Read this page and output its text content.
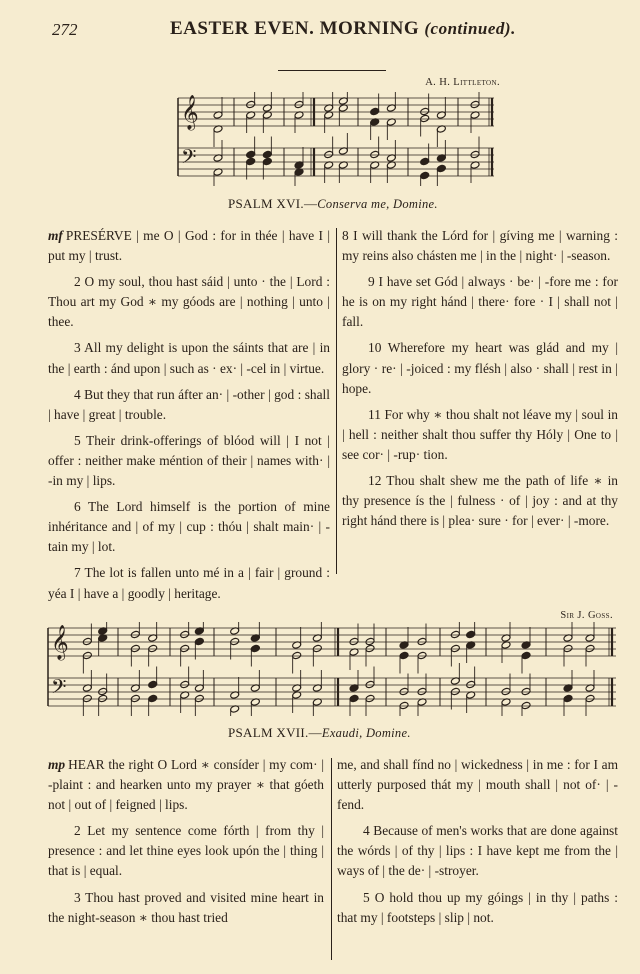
272	EASTER EVEN. MORNING (continued).
A. H. Littleton.
𝄞
𝄢
PSALM XVI.—Conserva me, Domine.

mf PRESÉRVE | me O | God : for in thée | have I | put my | trust.

2 O my soul, thou hast sáid | unto · the | Lord : Thou art my God ∗ my góods are | nothing | unto | thee.

3 All my delight is upon the sáints that are | in the | earth : ánd upon | such as · ex· | -cel in | virtue.

4 But they that run áfter an· | -other | god : shall | have | great | trouble.

5 Their drink-offerings of blóod will | I not | offer : neither make méntion of their | names with· | -in my | lips.

6 The Lord himself is the portion of mine inhéritance and | of my | cup : thóu | shalt main· | -tain my | lot.

7 The lot is fallen unto mé in a | fair | ground : yéa I | have a | goodly | heritage.

8 I will thank the Lórd for | gíving me | warning : my reins also chásten me | in the | night· | -season.

9 I have set Gód | always · be· | -fore me : for he is on my right hánd | there· fore · I | shall not | fall.

10 Wherefore my heart was glád and my | glory · re· | -joiced : my flésh | also · shall | rest in | hope.

11 For why ∗ thou shalt not léave my | soul in | hell : neither shalt thou suffer thy Hóly | One to | see cor· | -rup· tion.

12 Thou shalt shew me the path of life ∗ in thy presence ís the | fulness · of | joy : and at thy right hánd there is | plea· sure · for | ever· | -more.

Sir J. Goss.
𝄞
𝄢
PSALM XVII.—Exaudi, Domine.

mp HEAR the right O Lord ∗ consíder | my com· | -plaint : and hearken unto my prayer ∗ that góeth not | out of | feigned | lips.

2 Let my sentence come fórth | from thy | presence : and let thine eyes look upón the | thing | that is | equal.

3 Thou hast proved and visited mine heart in the night-season ∗ thou hast tried

me, and shall fínd no | wickedness | in me : for I am utterly purposed thát my | mouth shall | not of· | -fend.

4 Because of men's works that are done against the wórds | of thy | lips : I have kept me from the | ways of | the de· | -stroyer.

5 O hold thou up my góings | in thy | paths : that my | footsteps | slip | not.
